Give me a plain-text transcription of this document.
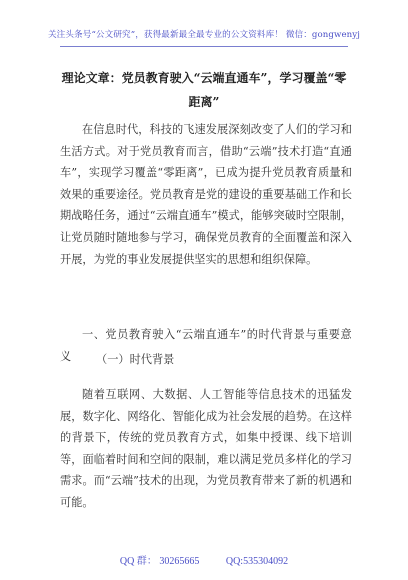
关注头条号“公文研究”，获得最新最全最专业的公文资料库！ 微信：gongwenyj
理论文章：党员教育驶入“云端直通车”，学习覆盖“零
距离”
在信息时代，科技的飞速发展深刻改变了人们的学习和生活方式。对于党员教育而言，借助“云端”技术打造“直通车”，实现学习覆盖“零距离”，已成为提升党员教育质量和效果的重要途径。党员教育是党的建设的重要基础工作和长期战略任务，通过“云端直通车”模式，能够突破时空限制，让党员随时随地参与学习，确保党员教育的全面覆盖和深入开展，为党的事业发展提供坚实的思想和组织保障。
一、党员教育驶入“云端直通车”的时代背景与重要意义	（一）时代背景
随着互联网、大数据、人工智能等信息技术的迅猛发展，数字化、网络化、智能化成为社会发展的趋势。在这样的背景下，传统的党员教育方式，如集中授课、线下培训等，面临着时间和空间的限制，难以满足党员多样化的学习需求。而“云端”技术的出现，为党员教育带来了新的机遇和可能。
QQ 群： 30265665	QQ:535304092
